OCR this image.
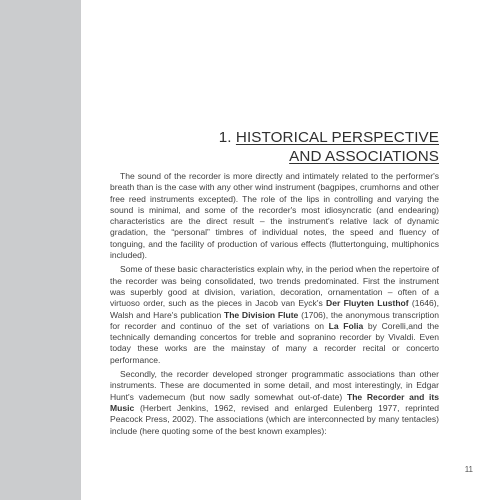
1. HISTORICAL PERSPECTIVE
AND ASSOCIATIONS

The sound of the recorder is more directly and intimately related to the performer's breath than is the case with any other wind instrument (bagpipes, crumhorns and other free reed instruments excepted). The role of the lips in controlling and varying the sound is minimal, and some of the recorder's most idiosyncratic (and endearing) characteristics are the direct result – the instrument's relative lack of dynamic gradation, the “personal” timbres of individual notes, the speed and fluency of tonguing, and the facility of production of various effects (fluttertonguing, multiphonics included).

Some of these basic characteristics explain why, in the period when the repertoire of the recorder was being consolidated, two trends predominated. First the instrument was superbly good at division, variation, decoration, ornamentation – often of a virtuoso order, such as the pieces in Jacob van Eyck's Der Fluyten Lusthof (1646), Walsh and Hare's publication The Division Flute (1706), the anonymous transcription for recorder and continuo of the set of variations on La Folia by Corelli,and the technically demanding concertos for treble and sopranino recorder by Vivaldi. Even today these works are the mainstay of many a recorder recital or concerto performance.

Secondly, the recorder developed stronger programmatic associations than other instruments. These are documented in some detail, and most interestingly, in Edgar Hunt's vademecum (but now sadly somewhat out-of-date) The Recorder and its Music (Herbert Jenkins, 1962, revised and enlarged Eulenberg 1977, reprinted Peacock Press, 2002). The associations (which are interconnected by many tentacles) include (here quoting some of the best known examples):

11
